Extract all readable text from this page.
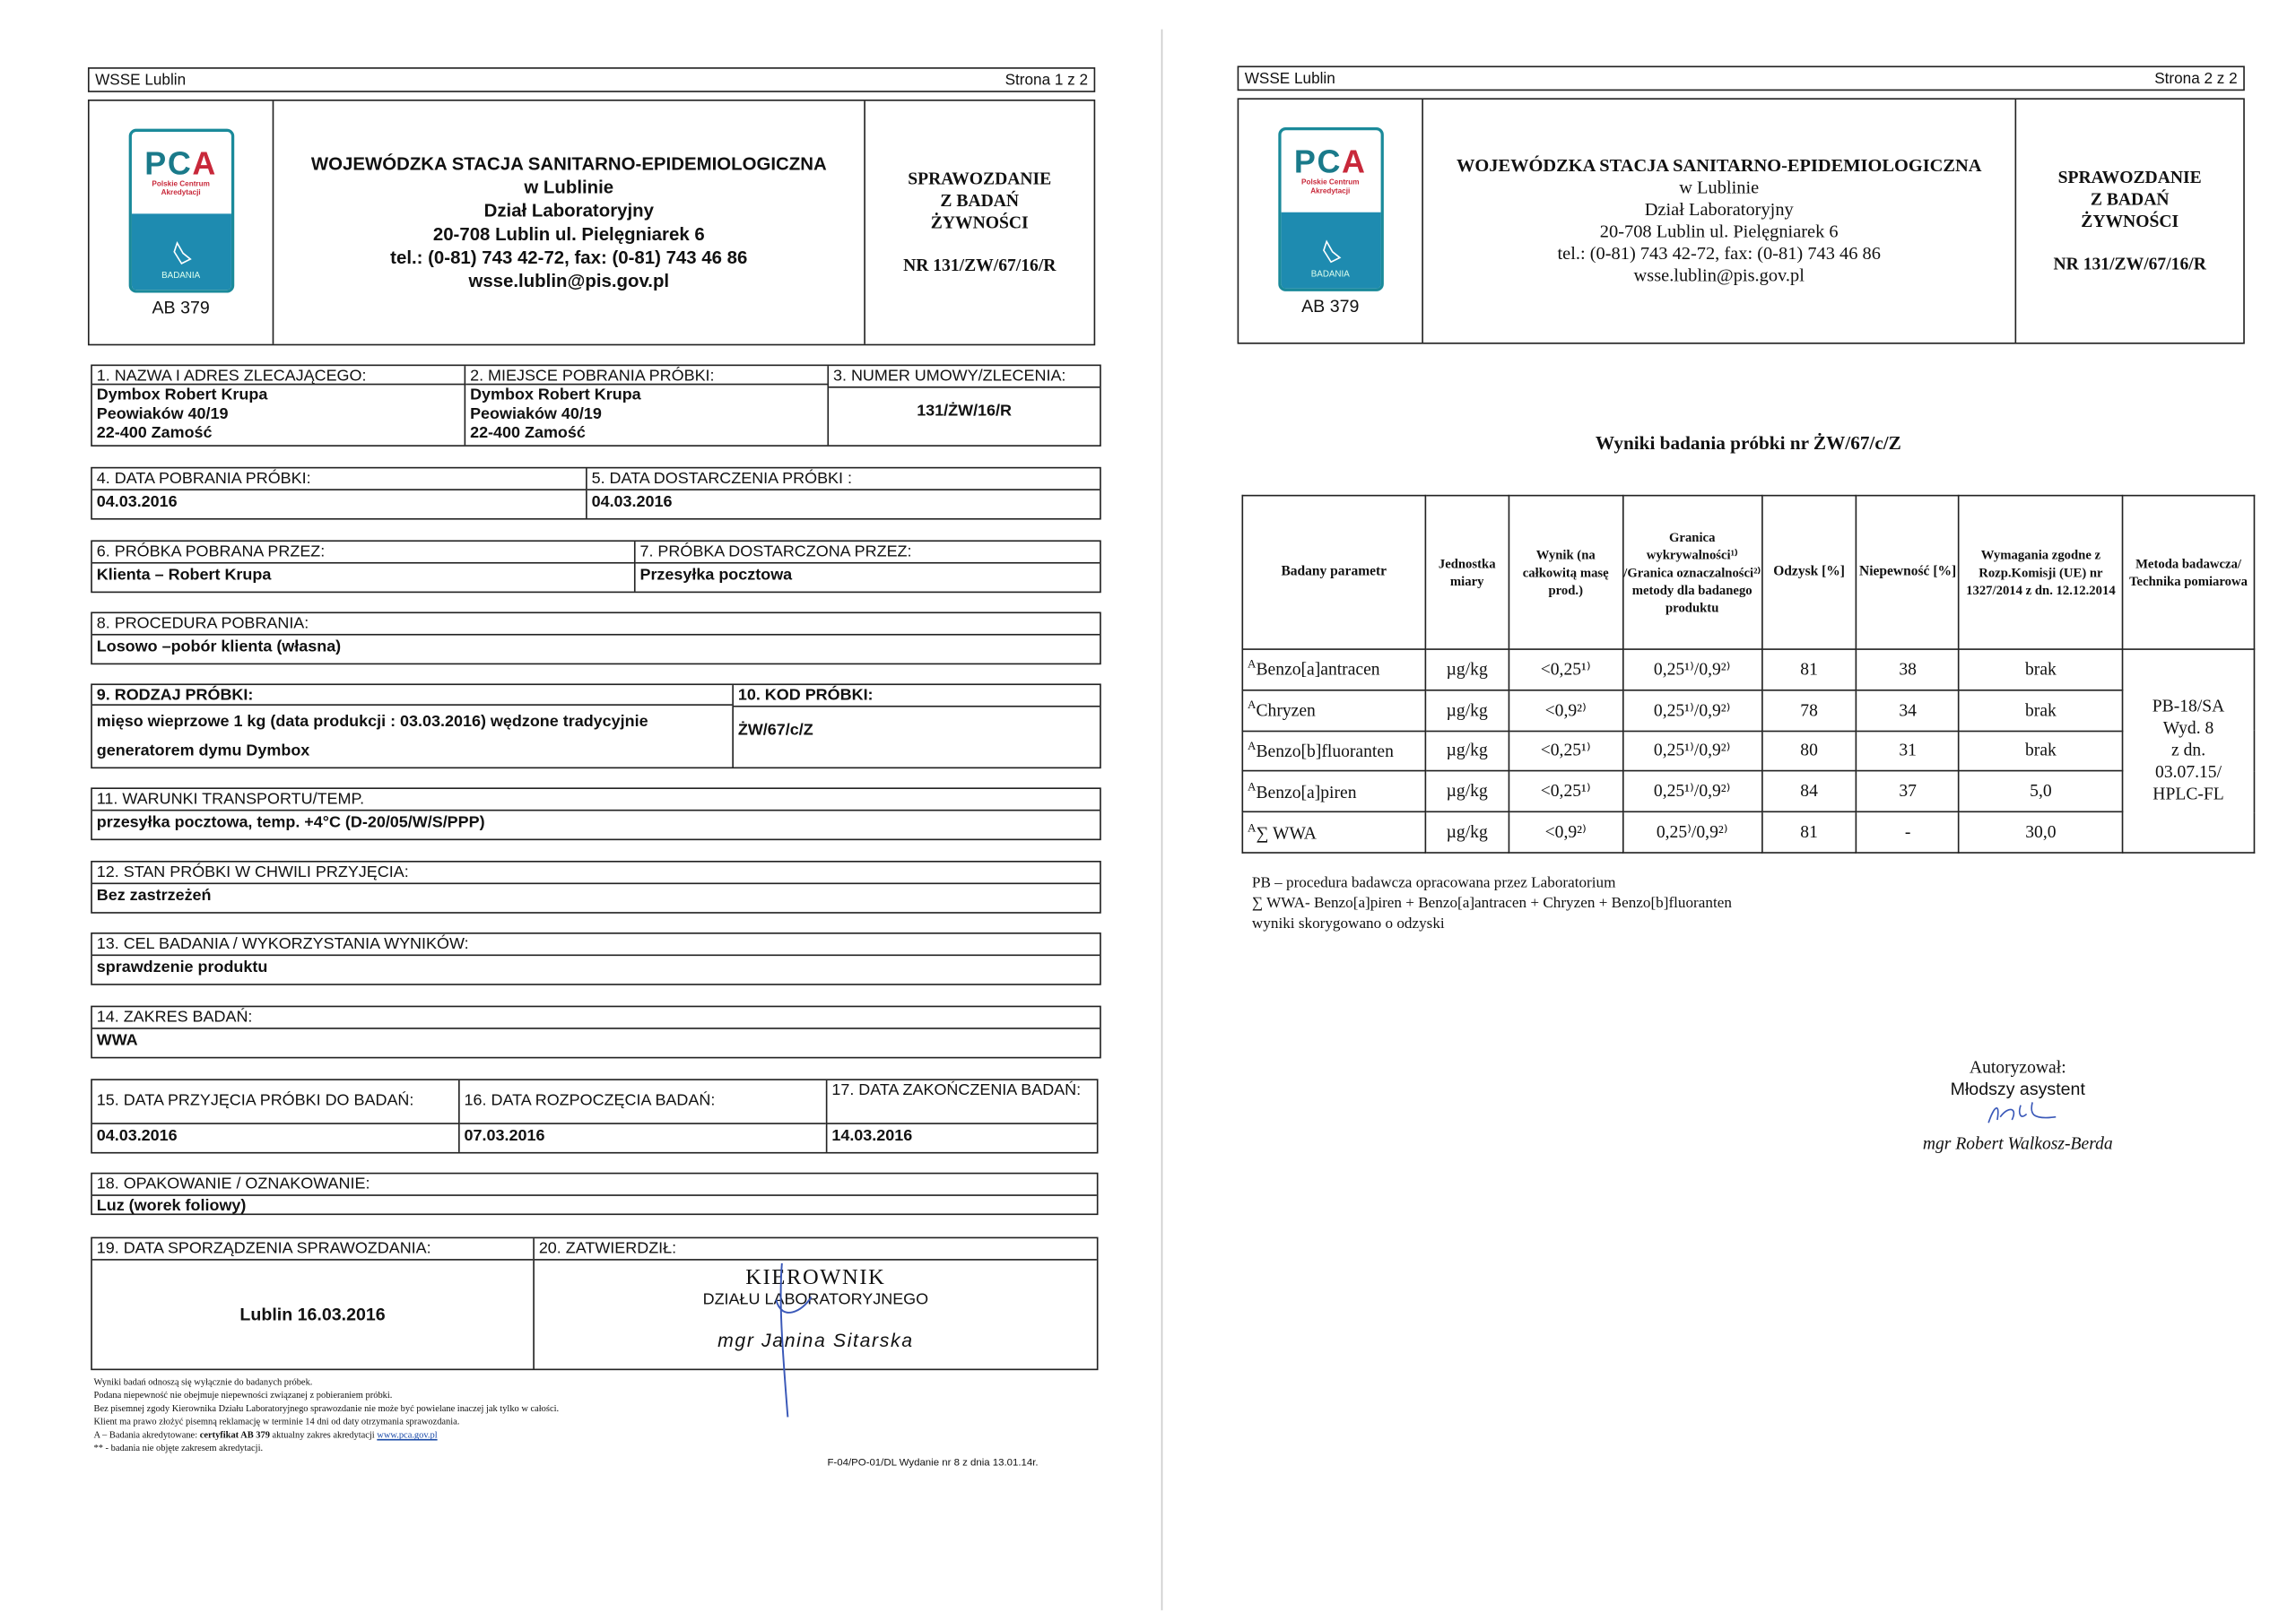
WSSE Lublin	Strona 1 z 2
PCA
Polskie Centrum
Akredytacji
BADANIA
AB 379
WOJEWÓDZKA STACJA SANITARNO-EPIDEMIOLOGICZNA
w Lublinie
Dział Laboratoryjny
20-708 Lublin ul. Pielęgniarek 6
tel.: (0-81) 743 42-72, fax: (0-81) 743 46 86
wsse.lublin@pis.gov.pl
SPRAWOZDANIE
Z BADAŃ
ŻYWNOŚCI
NR 131/ZW/67/16/R
1. NAZWA I ADRES ZLECAJĄCEGO:
Dymbox Robert Krupa
Peowiaków 40/19
22-400 Zamość
2. MIEJSCE POBRANIA PRÓBKI:
Dymbox Robert Krupa
Peowiaków 40/19
22-400 Zamość
3. NUMER UMOWY/ZLECENIA:
131/ŻW/16/R
4. DATA POBRANIA PRÓBKI:
04.03.2016
5. DATA DOSTARCZENIA PRÓBKI :
04.03.2016
6. PRÓBKA POBRANA PRZEZ:
Klienta – Robert Krupa
7. PRÓBKA DOSTARCZONA PRZEZ:
Przesyłka pocztowa
8. PROCEDURA POBRANIA:
Losowo –pobór klienta (własna)
9. RODZAJ PRÓBKI:
mięso wieprzowe 1 kg (data produkcji : 03.03.2016) wędzone tradycyjnie
generatorem dymu Dymbox
10. KOD PRÓBKI:
ŻW/67/c/Z
11. WARUNKI TRANSPORTU/TEMP.
przesyłka pocztowa, temp. +4°C (D-20/05/W/S/PPP)
12. STAN PRÓBKI W CHWILI PRZYJĘCIA:
Bez zastrzeżeń
13. CEL BADANIA / WYKORZYSTANIA WYNIKÓW:
sprawdzenie produktu
14. ZAKRES BADAŃ:
WWA
15. DATA PRZYJĘCIA PRÓBKI DO BADAŃ:
04.03.2016
16. DATA ROZPOCZĘCIA BADAŃ:
07.03.2016
17. DATA ZAKOŃCZENIA BADAŃ:
14.03.2016
18. OPAKOWANIE / OZNAKOWANIE:
Luz (worek foliowy)
19. DATA SPORZĄDZENIA SPRAWOZDANIA:
Lublin 16.03.2016
20. ZATWIERDZIŁ:
KIEROWNIK
DZIAŁU LABORATORYJNEGO
mgr Janina Sitarska
Wyniki badań odnoszą się wyłącznie do badanych próbek.
Podana niepewność nie obejmuje niepewności związanej z pobieraniem próbki.
Bez pisemnej zgody Kierownika Działu Laboratoryjnego sprawozdanie nie może być powielane inaczej jak tylko w całości.
Klient ma prawo złożyć pisemną reklamację w terminie 14 dni od daty otrzymania sprawozdania.
A – Badania akredytowane: certyfikat AB 379 aktualny zakres akredytacji www.pca.gov.pl
** - badania nie objęte zakresem akredytacji.
F-04/PO-01/DL Wydanie nr 8 z dnia 13.01.14r.
WSSE Lublin	Strona 2 z 2
PCA
Polskie Centrum
Akredytacji
BADANIA
AB 379
WOJEWÓDZKA STACJA SANITARNO-EPIDEMIOLOGICZNA
w Lublinie
Dział Laboratoryjny
20-708 Lublin ul. Pielęgniarek 6
tel.: (0-81) 743 42-72, fax: (0-81) 743 46 86
wsse.lublin@pis.gov.pl
SPRAWOZDANIE
Z BADAŃ
ŻYWNOŚCI
NR 131/ZW/67/16/R
Wyniki badania próbki nr ŻW/67/c/Z
Badany parametr	Jednostka miary	Wynik (na całkowitą masę prod.)	Granica wykrywalności¹⁾ /Granica oznaczalności²⁾ metody dla badanego produktu	Odzysk [%]	Niepewność [%]	Wymagania zgodne z Rozp.Komisji (UE) nr 1327/2014 z dn. 12.12.2014	Metoda badawcza/ Technika pomiarowa
$^A$Benzo[a]antracen	µg/kg	<0,25¹⁾	0,25¹⁾/0,9²⁾	81	38	brak	PB-18/SA
Wyd. 8
z dn.
03.07.15/
HPLC-FL

$^A$Chryzen	µg/kg	<0,9²⁾	0,25¹⁾/0,9²⁾	78	34	brak	
$^A$Benzo[b]fluoranten	µg/kg	<0,25¹⁾	0,25¹⁾/0,9²⁾	80	31	brak	
$^A$Benzo[a]piren	µg/kg	<0,25¹⁾	0,25¹⁾/0,9²⁾	84	37	5,0	
$^A$∑ WWA	µg/kg	<0,9²⁾	0,25⁾/0,9²⁾	81	-	30,0	
PB – procedura badawcza opracowana przez Laboratorium
∑ WWA- Benzo[a]piren + Benzo[a]antracen + Chryzen + Benzo[b]fluoranten
wyniki skorygowano o odzyski
Autoryzował:
Młodszy asystent
mgr Robert Walkosz-Berda
